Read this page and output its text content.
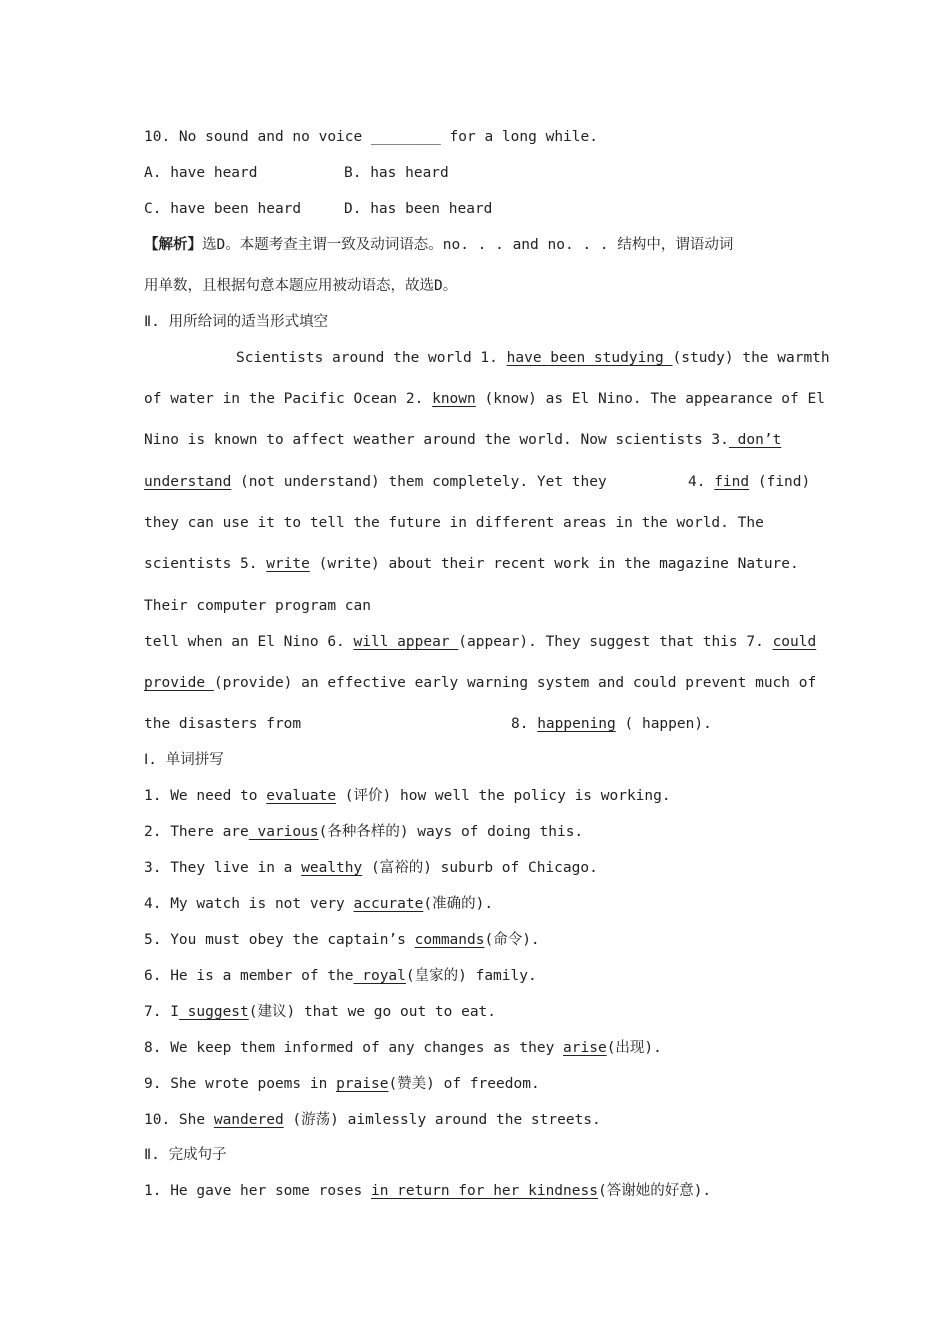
10. No sound and no voice ________ for a long while.
A. have heard	B. has heard
C. have been heard	D. has been heard
【解析】选D。本题考查主谓一致及动词语态。no. . . and no. . . 结构中，谓语动词
用单数，且根据句意本题应用被动语态，故选D。
Ⅱ. 用所给词的适当形式填空
Scientists around the world 1. have been studying (study) the warmth
of water in the Pacific Ocean 2. known (know) as El Nino. The appearance of El
Nino is known to affect weather around the world. Now scientists 3. don’t
understand (not understand) them completely. Yet they	4. find (find)
they can use it to tell the future in different areas in the world. The
scientists 5. write (write) about their recent work in the magazine Nature.
Their computer program can
tell when an El Nino 6. will appear (appear). They suggest that this 7. could
provide (provide) an effective early warning system and could prevent much of
the disasters from	8. happening ( happen).
Ⅰ. 单词拼写
1. We need to evaluate (评价) how well the policy is working.
2. There are various(各种各样的) ways of doing this.
3. They live in a wealthy (富裕的) suburb of Chicago.
4. My watch is not very accurate(准确的).
5. You must obey the captain’s commands(命令).
6. He is a member of the royal(皇家的) family.
7. I suggest(建议) that we go out to eat.
8. We keep them informed of any changes as they arise(出现).
9. She wrote poems in praise(赞美) of freedom.
10. She wandered (游荡) aimlessly around the streets.
Ⅱ. 完成句子
1. He gave her some roses in return for her kindness(答谢她的好意).
